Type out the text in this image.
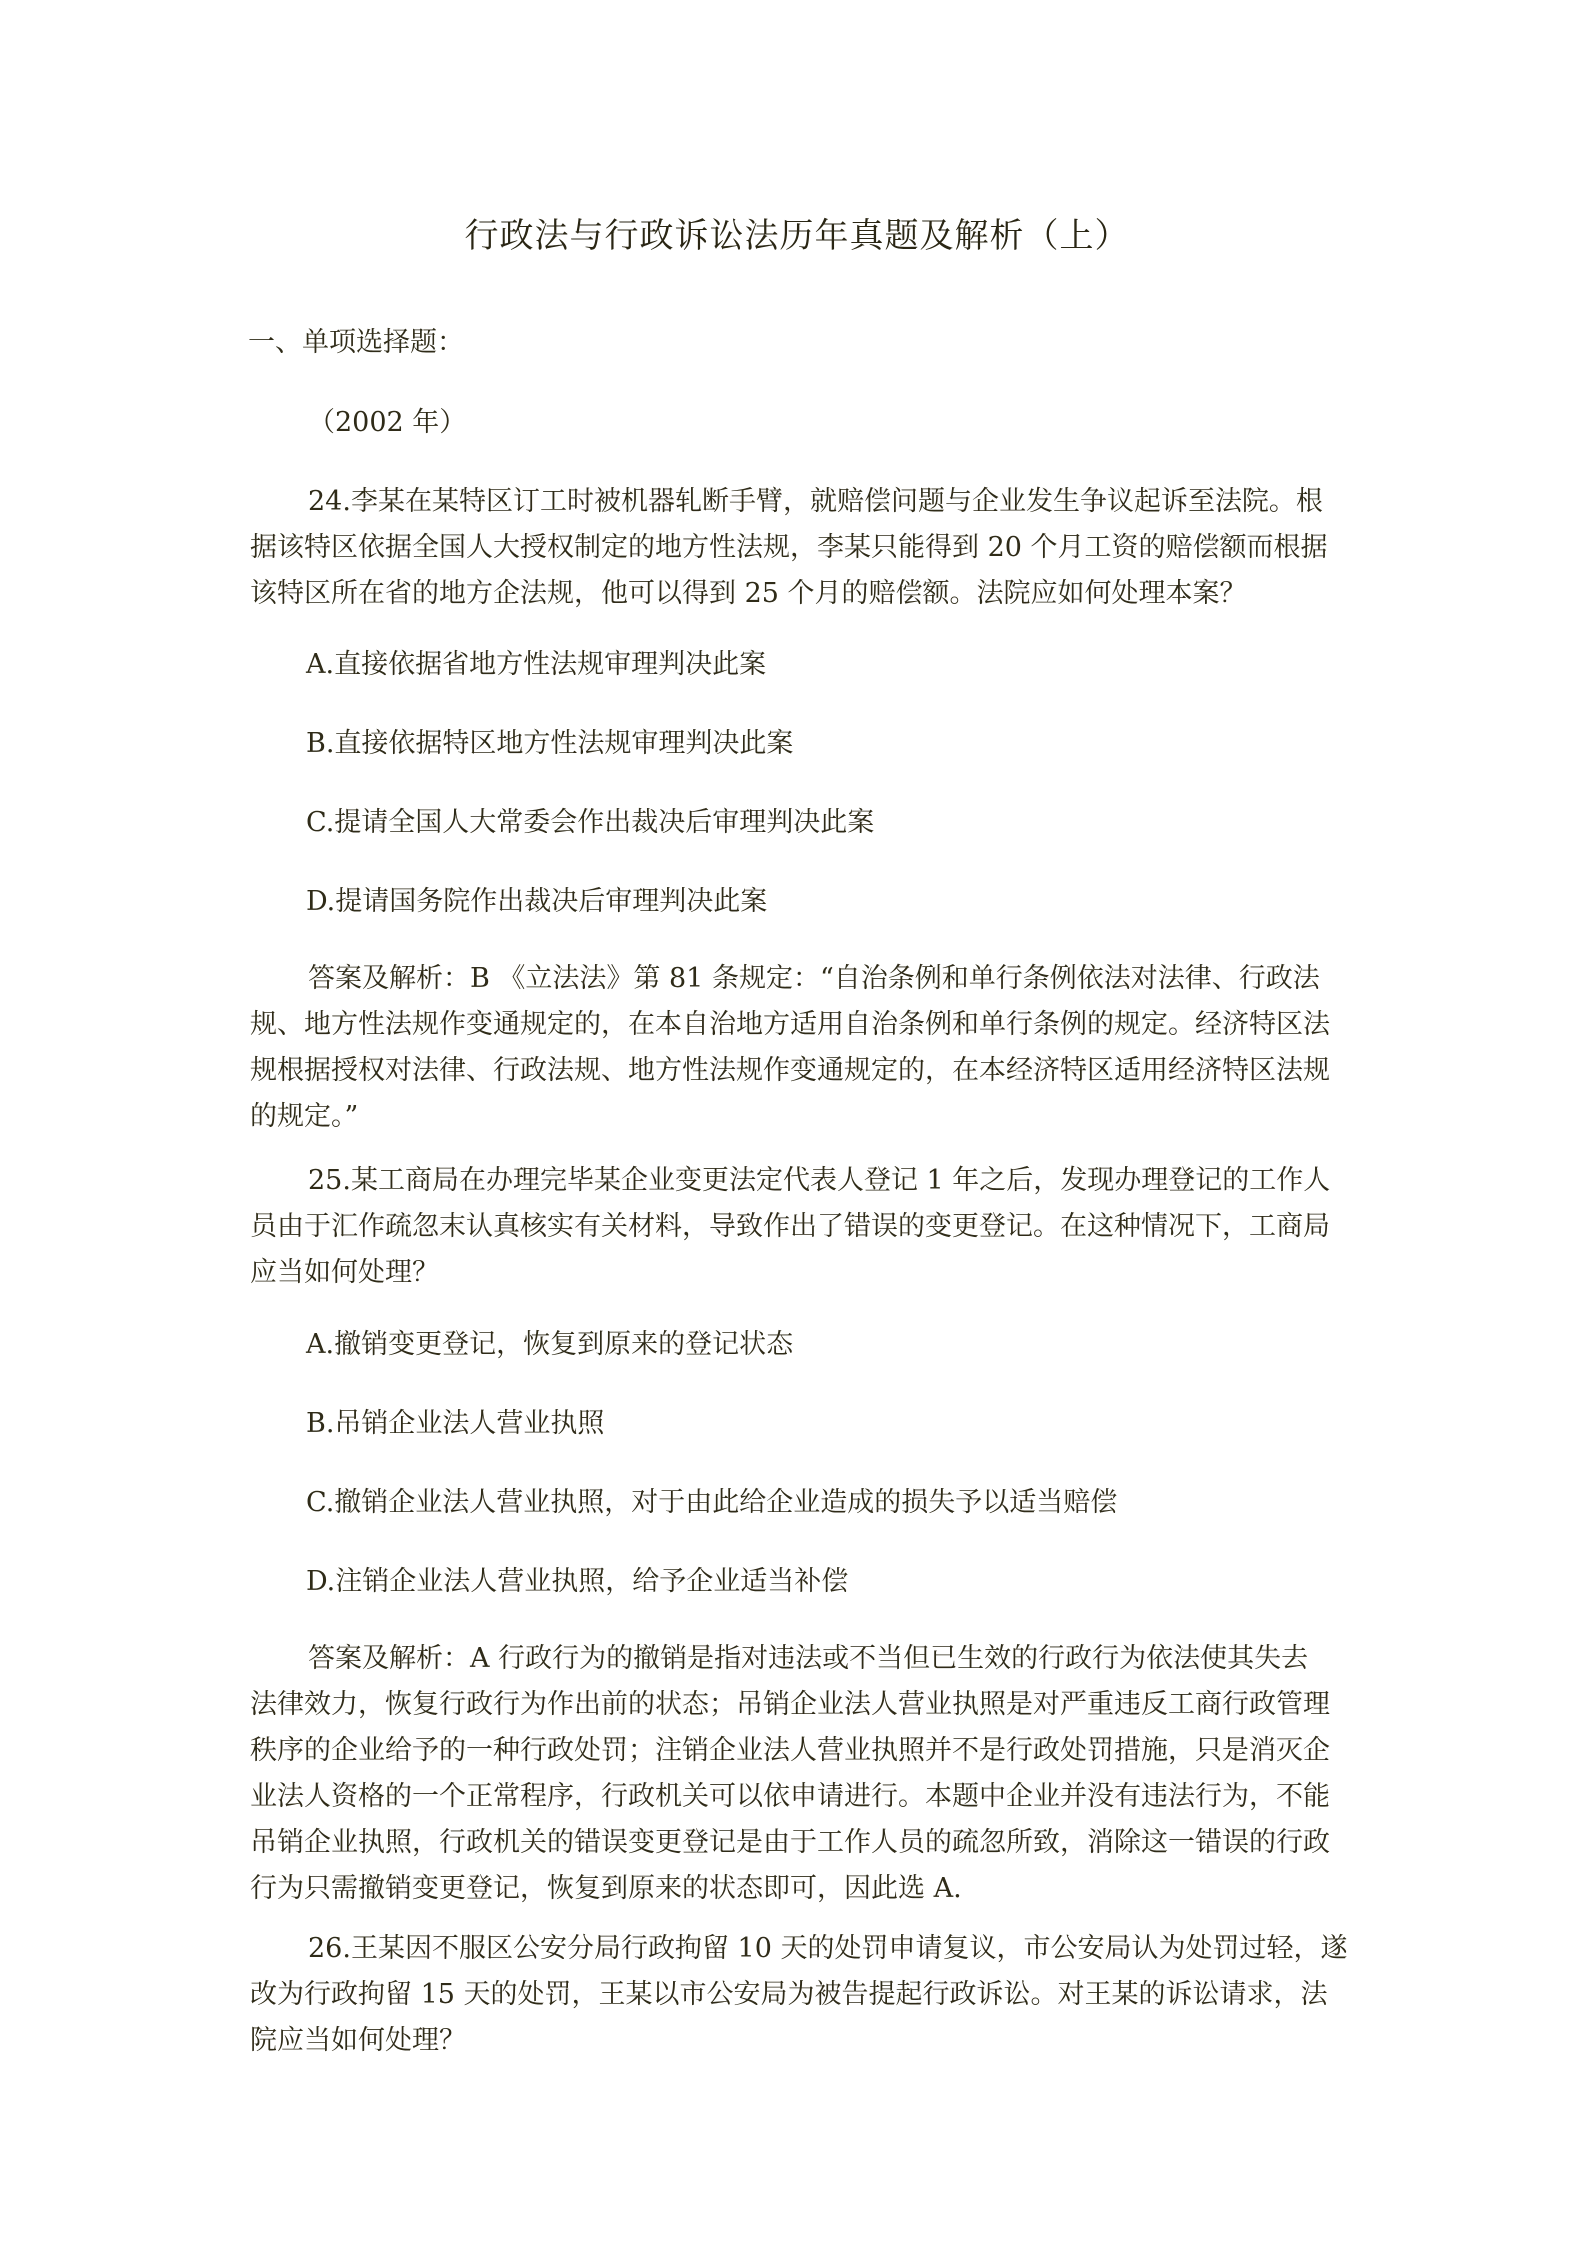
行政法与行政诉讼法历年真题及解析（上）
一、单项选择题：
（2002 年）
24.李某在某特区订工时被机器轧断手臂，就赔偿问题与企业发生争议起诉至法院。根
据该特区依据全国人大授权制定的地方性法规，李某只能得到 20 个月工资的赔偿额而根据
该特区所在省的地方企法规，他可以得到 25 个月的赔偿额。法院应如何处理本案？
A.直接依据省地方性法规审理判决此案
B.直接依据特区地方性法规审理判决此案
C.提请全国人大常委会作出裁决后审理判决此案
D.提请国务院作出裁决后审理判决此案
答案及解析：B 《立法法》第 81 条规定：“自治条例和单行条例依法对法律、行政法
规、地方性法规作变通规定的，在本自治地方适用自治条例和单行条例的规定。经济特区法
规根据授权对法律、行政法规、地方性法规作变通规定的，在本经济特区适用经济特区法规
的规定。”
25.某工商局在办理完毕某企业变更法定代表人登记 1 年之后，发现办理登记的工作人
员由于汇作疏忽末认真核实有关材料，导致作出了错误的变更登记。在这种情况下，工商局
应当如何处理？
A.撤销变更登记，恢复到原来的登记状态
B.吊销企业法人营业执照
C.撤销企业法人营业执照，对于由此给企业造成的损失予以适当赔偿
D.注销企业法人营业执照，给予企业适当补偿
答案及解析：A 行政行为的撤销是指对违法或不当但已生效的行政行为依法使其失去
法律效力，恢复行政行为作出前的状态；吊销企业法人营业执照是对严重违反工商行政管理
秩序的企业给予的一种行政处罚；注销企业法人营业执照并不是行政处罚措施，只是消灭企
业法人资格的一个正常程序，行政机关可以依申请进行。本题中企业并没有违法行为，不能
吊销企业执照，行政机关的错误变更登记是由于工作人员的疏忽所致，消除这一错误的行政
行为只需撤销变更登记，恢复到原来的状态即可，因此选 A.
26.王某因不服区公安分局行政拘留 10 天的处罚申请复议，市公安局认为处罚过轻，遂
改为行政拘留 15 天的处罚，王某以市公安局为被告提起行政诉讼。对王某的诉讼请求，法
院应当如何处理？
